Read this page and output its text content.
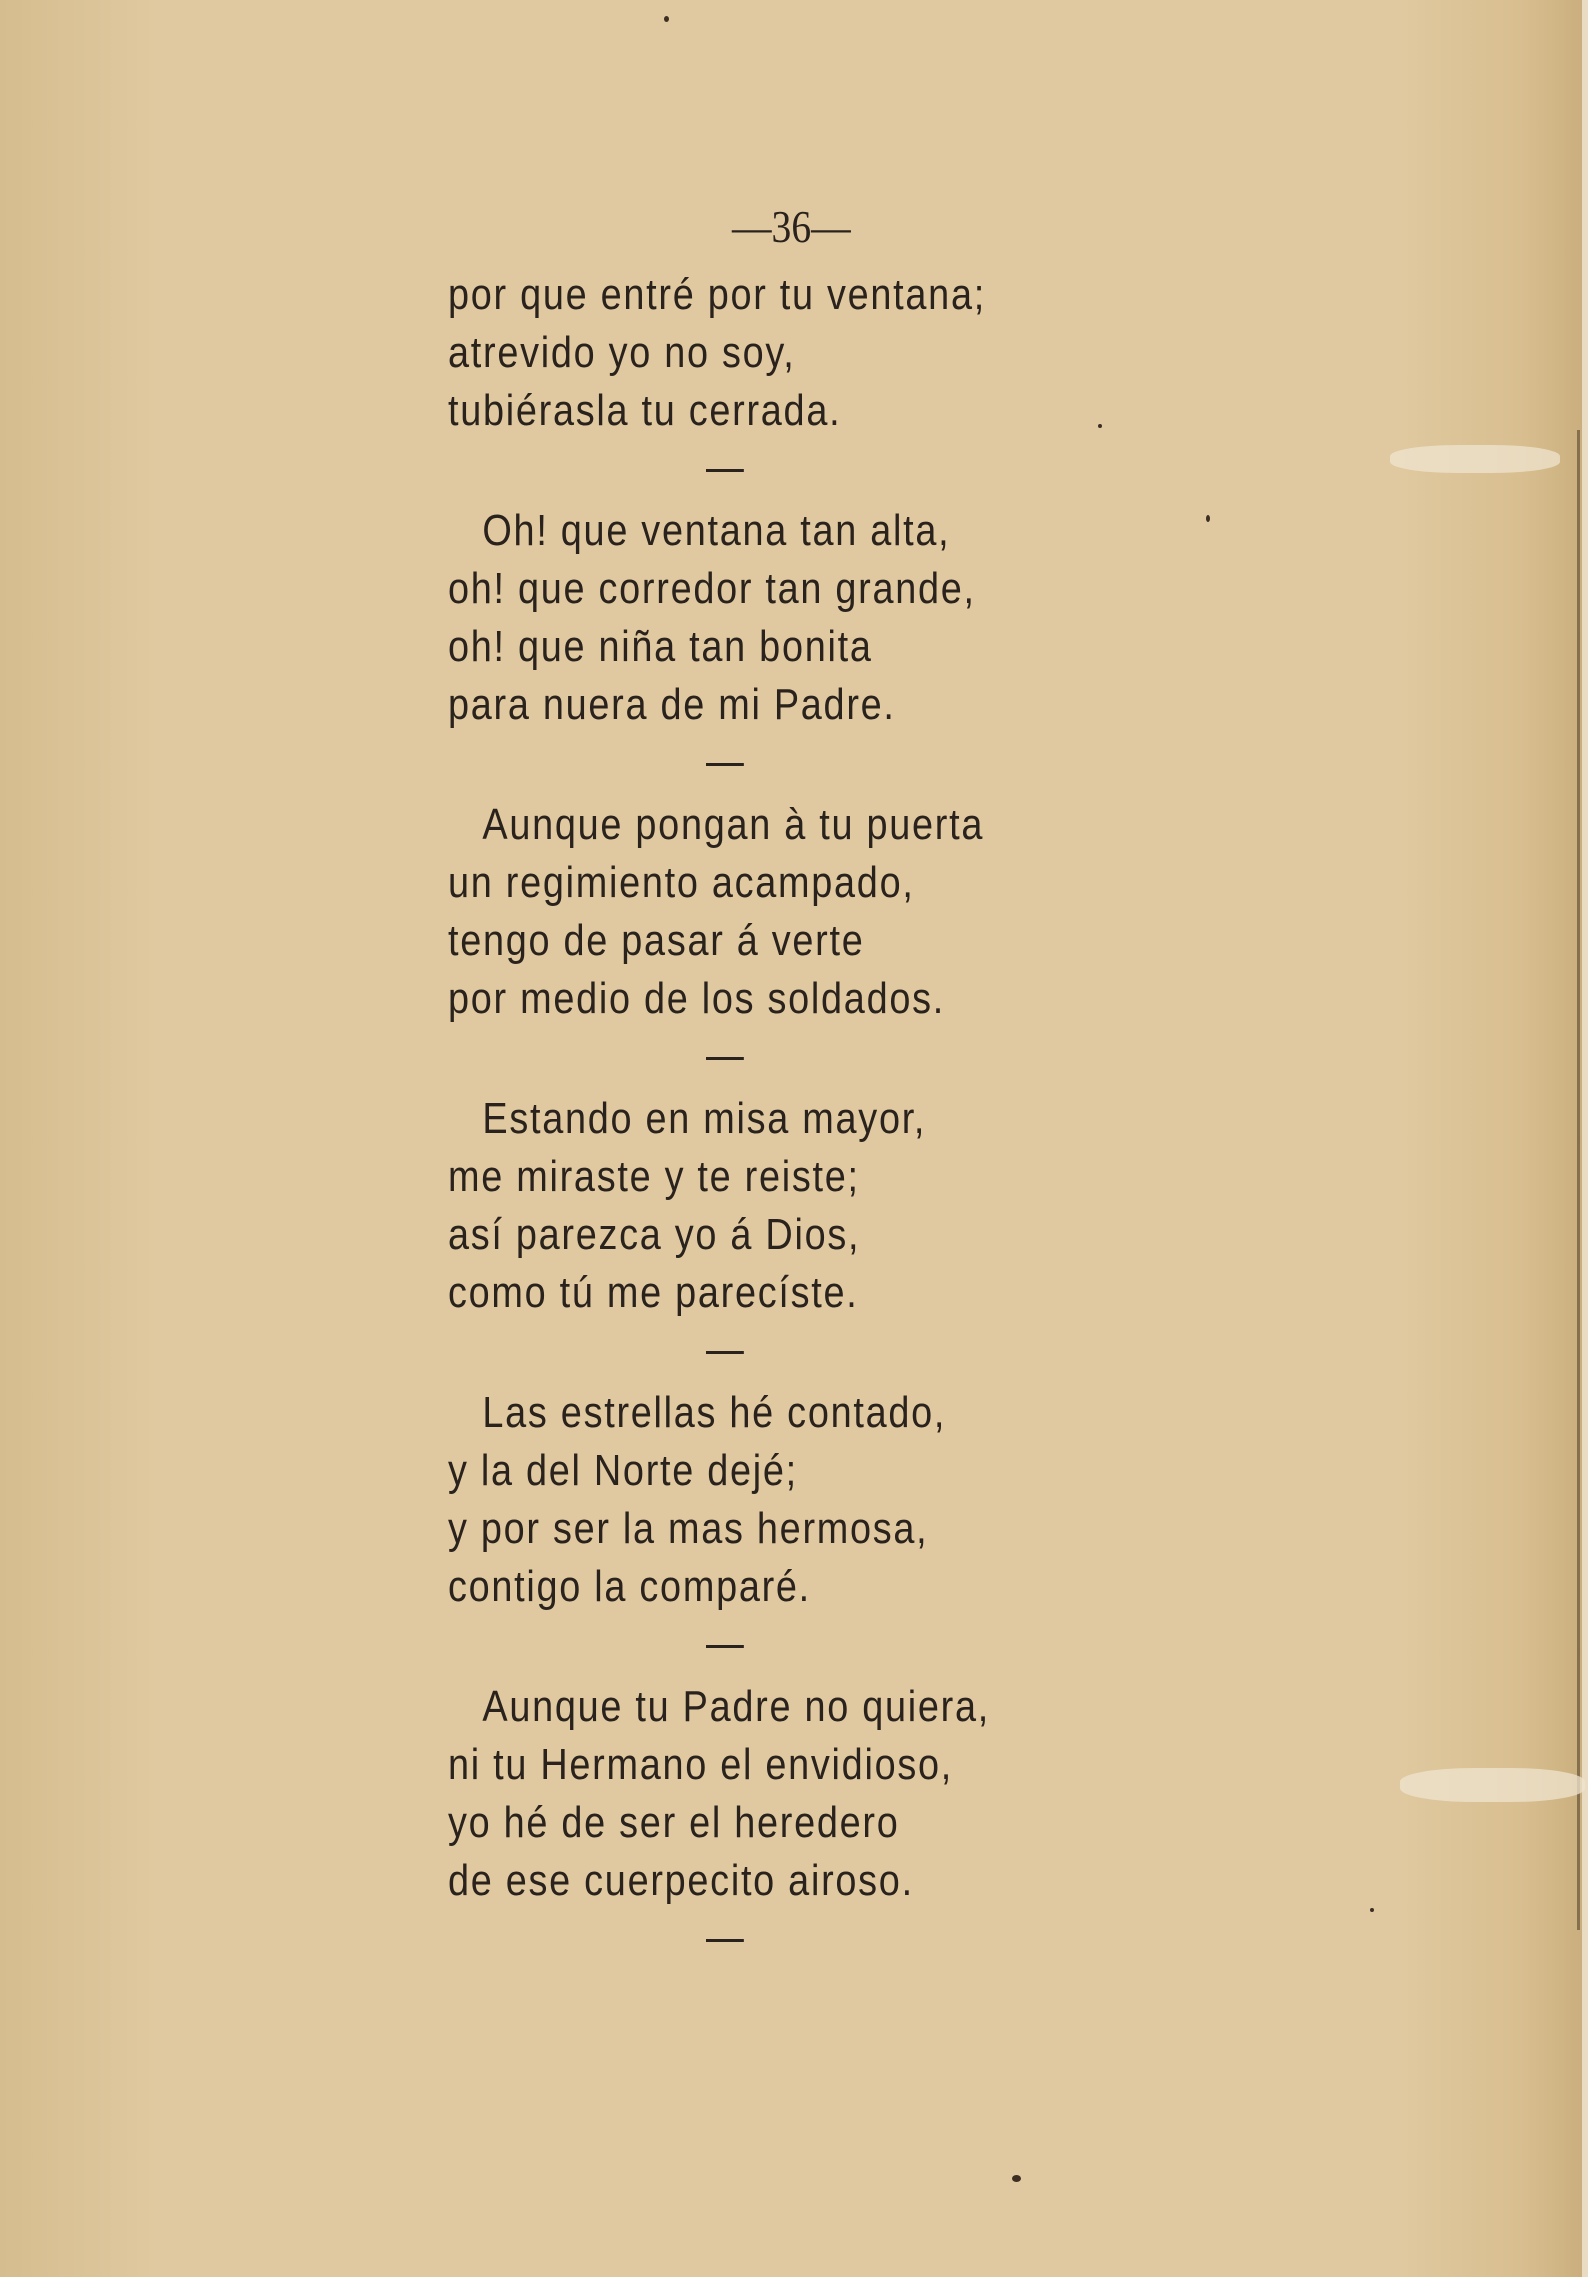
—36—
por que entré por tu ventana;
atrevido yo no soy,
tubiérasla tu cerrada.
Oh! que ventana tan alta,
oh! que corredor tan grande,
oh! que niña tan bonita
para nuera de mi Padre.
Aunque pongan à tu puerta
un regimiento acampado,
tengo de pasar á verte
por medio de los soldados.
Estando en misa mayor,
me miraste y te reiste;
así parezca yo á Dios,
como tú me parecíste.
Las estrellas hé contado,
y la del Norte dejé;
y por ser la mas hermosa,
contigo la comparé.
Aunque tu Padre no quiera,
ni tu Hermano el envidioso,
yo hé de ser el heredero
de ese cuerpecito airoso.
